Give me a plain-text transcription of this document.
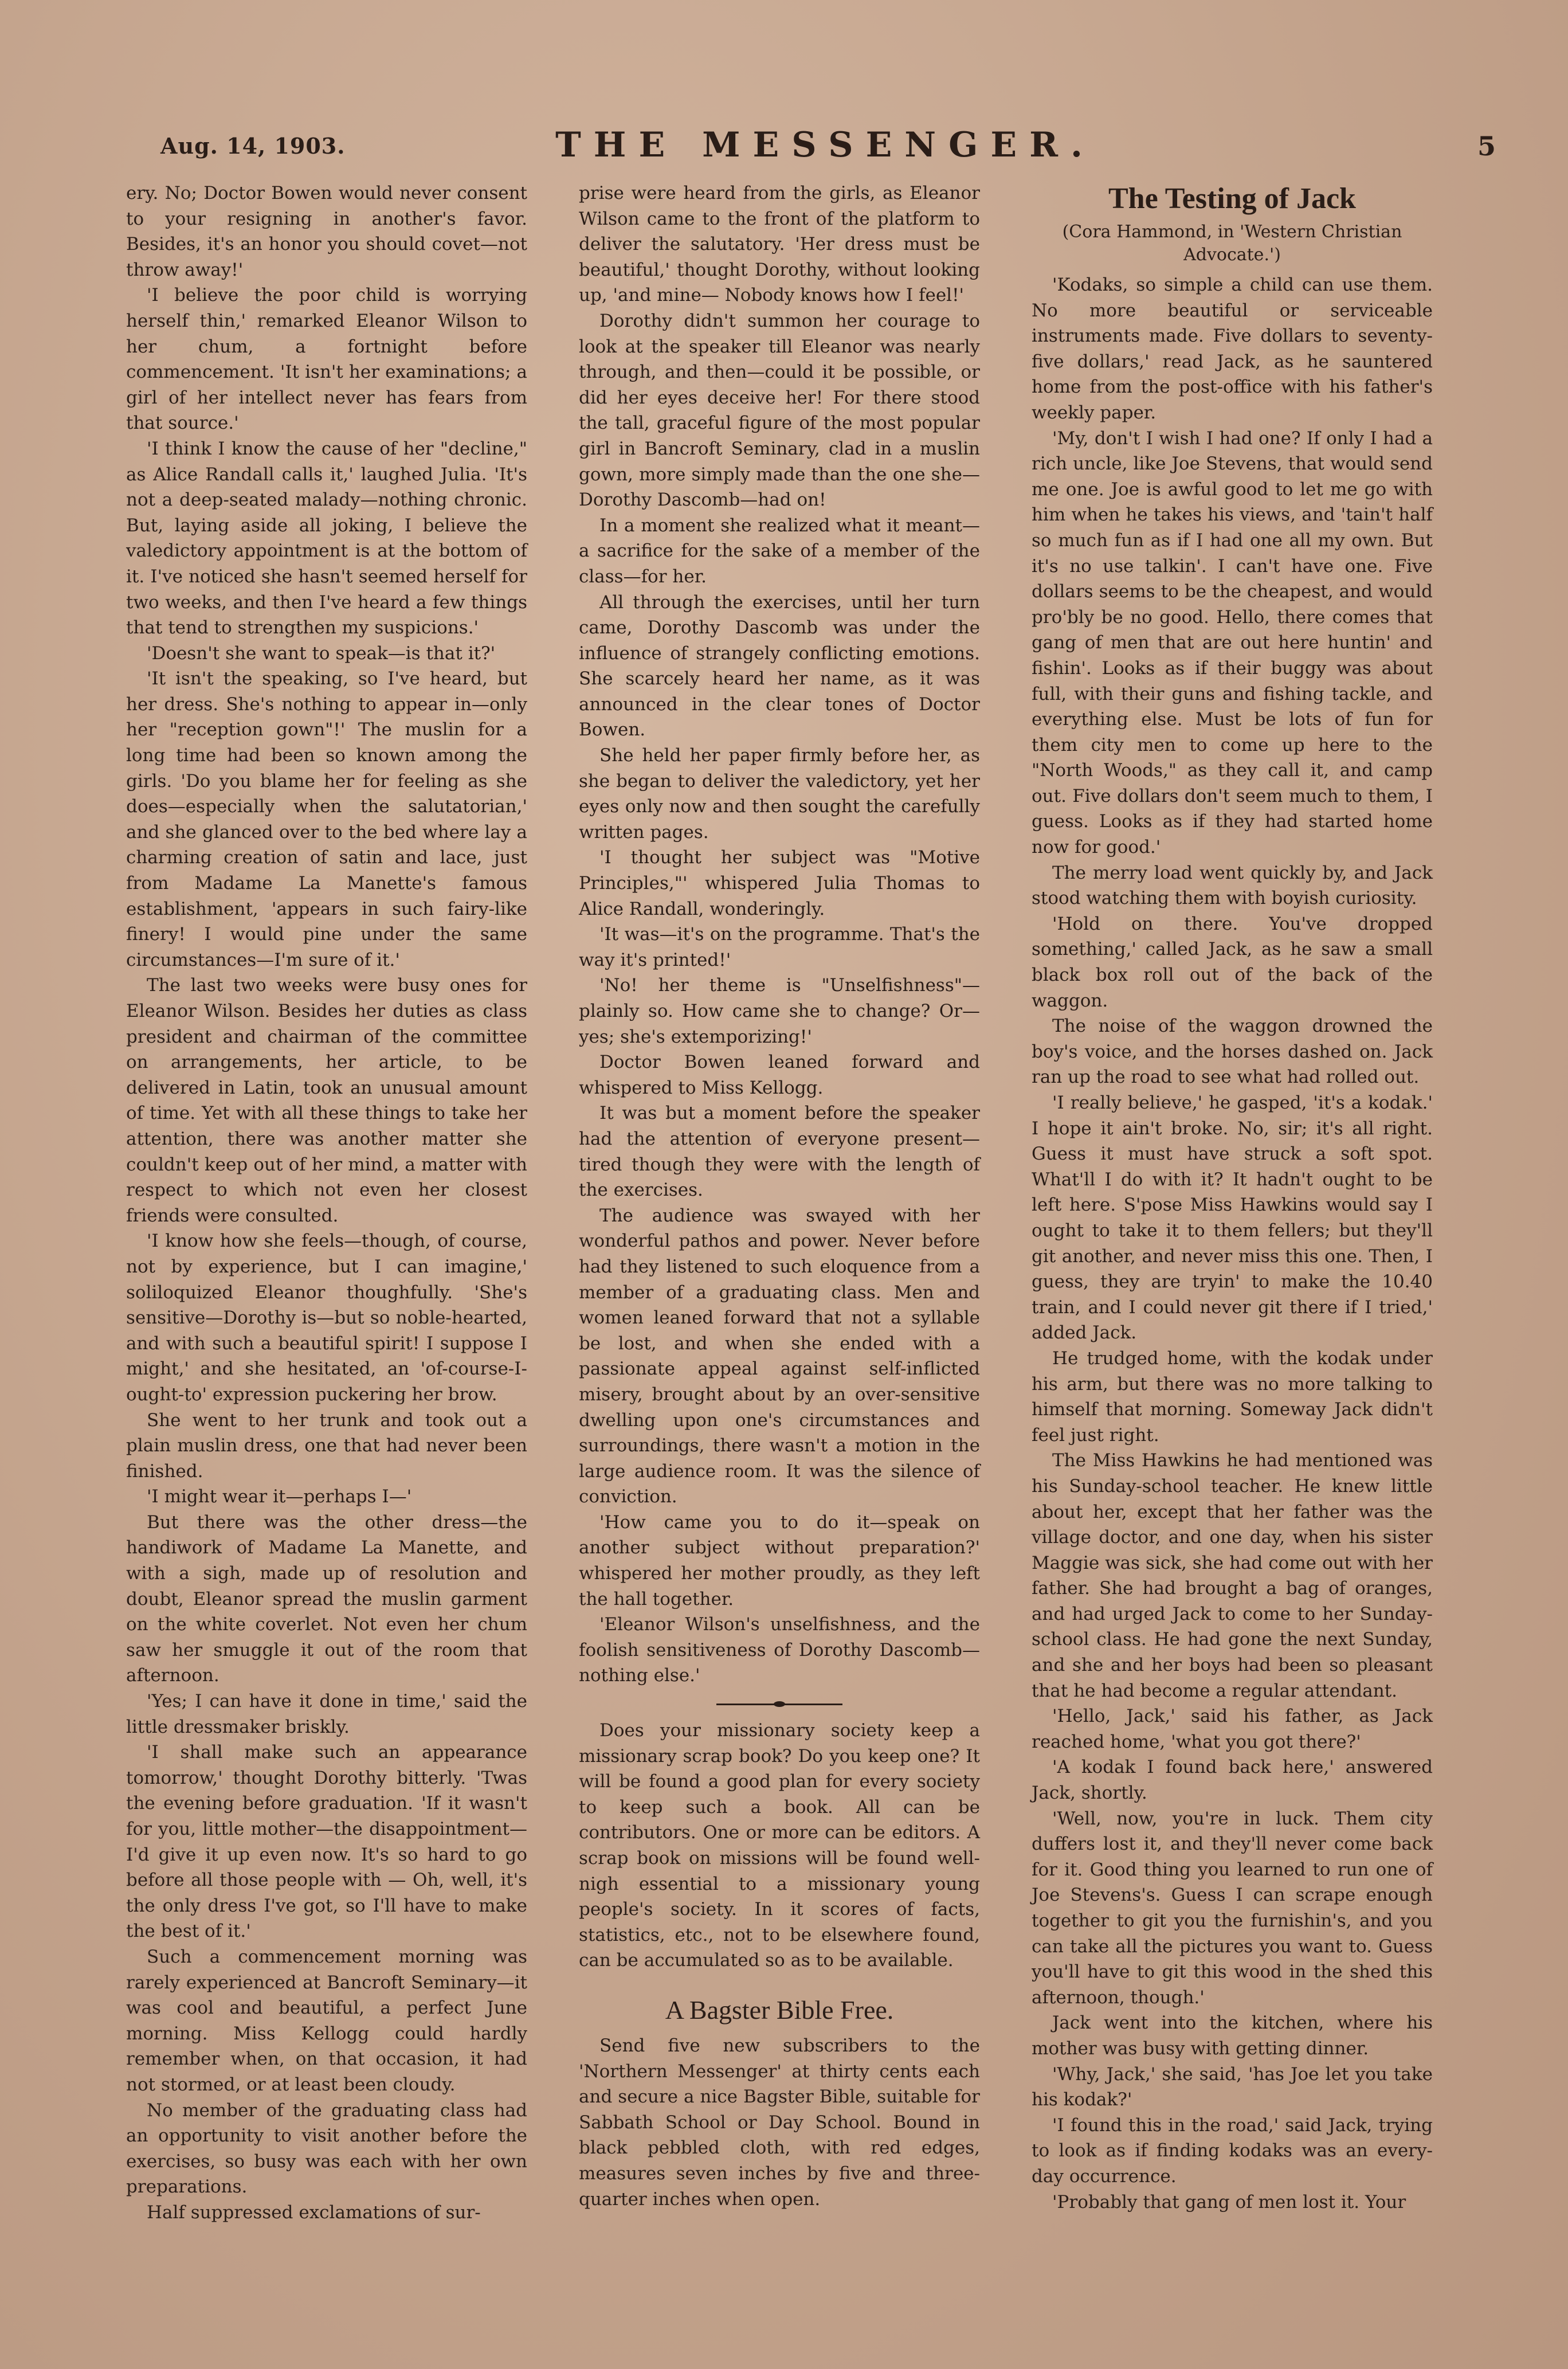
Aug. 14, 1903.	THE MESSENGER.	5

ery. No; Doctor Bowen would never consent to your resigning in another's favor. Besides, it's an honor you should covet—not throw away!'

'I believe the poor child is worrying herself thin,' remarked Eleanor Wilson to her chum, a fortnight before commencement. 'It isn't her examinations; a girl of her intellect never has fears from that source.'

'I think I know the cause of her "decline," as Alice Randall calls it,' laughed Julia. 'It's not a deep-seated malady—nothing chronic. But, laying aside all joking, I believe the valedictory appointment is at the bottom of it. I've noticed she hasn't seemed herself for two weeks, and then I've heard a few things that tend to strengthen my suspicions.'

'Doesn't she want to speak—is that it?'

'It isn't the speaking, so I've heard, but her dress. She's nothing to appear in—only her "reception gown"!' The muslin for a long time had been so known among the girls. 'Do you blame her for feeling as she does—especially when the salutatorian,' and she glanced over to the bed where lay a charming creation of satin and lace, just from Madame La Manette's famous establishment, 'appears in such fairy-like finery! I would pine under the same circumstances—I'm sure of it.'

The last two weeks were busy ones for Eleanor Wilson. Besides her duties as class president and chairman of the committee on arrangements, her article, to be delivered in Latin, took an unusual amount of time. Yet with all these things to take her attention, there was another matter she couldn't keep out of her mind, a matter with respect to which not even her closest friends were consulted.

'I know how she feels—though, of course, not by experience, but I can imagine,' soliloquized Eleanor thoughfully. 'She's sensitive—Dorothy is—but so noble-hearted, and with such a beautiful spirit! I suppose I might,' and she hesitated, an 'of-course-I-ought-to' expression puckering her brow.

She went to her trunk and took out a plain muslin dress, one that had never been finished.

'I might wear it—perhaps I—'

But there was the other dress—the handiwork of Madame La Manette, and with a sigh, made up of resolution and doubt, Eleanor spread the muslin garment on the white coverlet. Not even her chum saw her smuggle it out of the room that afternoon.

'Yes; I can have it done in time,' said the little dressmaker briskly.

'I shall make such an appearance tomorrow,' thought Dorothy bitterly. 'Twas the evening before graduation. 'If it wasn't for you, little mother—the disappointment—I'd give it up even now. It's so hard to go before all those people with — Oh, well, it's the only dress I've got, so I'll have to make the best of it.'

Such a commencement morning was rarely experienced at Bancroft Seminary—it was cool and beautiful, a perfect June morning. Miss Kellogg could hardly remember when, on that occasion, it had not stormed, or at least been cloudy.

No member of the graduating class had an opportunity to visit another before the exercises, so busy was each with her own preparations.

Half suppressed exclamations of sur-

prise were heard from the girls, as Eleanor Wilson came to the front of the platform to deliver the salutatory. 'Her dress must be beautiful,' thought Dorothy, without looking up, 'and mine— Nobody knows how I feel!'

Dorothy didn't summon her courage to look at the speaker till Eleanor was nearly through, and then—could it be possible, or did her eyes deceive her! For there stood the tall, graceful figure of the most popular girl in Bancroft Seminary, clad in a muslin gown, more simply made than the one she—Dorothy Dascomb—had on!

In a moment she realized what it meant—a sacrifice for the sake of a member of the class—for her.

All through the exercises, until her turn came, Dorothy Dascomb was under the influence of strangely conflicting emotions. She scarcely heard her name, as it was announced in the clear tones of Doctor Bowen.

She held her paper firmly before her, as she began to deliver the valedictory, yet her eyes only now and then sought the carefully written pages.

'I thought her subject was "Motive Principles,"' whispered Julia Thomas to Alice Randall, wonderingly.

'It was—it's on the programme. That's the way it's printed!'

'No! her theme is "Unselfishness"—plainly so. How came she to change? Or—yes; she's extemporizing!'

Doctor Bowen leaned forward and whispered to Miss Kellogg.

It was but a moment before the speaker had the attention of everyone present—tired though they were with the length of the exercises.

The audience was swayed with her wonderful pathos and power. Never before had they listened to such eloquence from a member of a graduating class. Men and women leaned forward that not a syllable be lost, and when she ended with a passionate appeal against self-inflicted misery, brought about by an over-sensitive dwelling upon one's circumstances and surroundings, there wasn't a motion in the large audience room. It was the silence of conviction.

'How came you to do it—speak on another subject without preparation?' whispered her mother proudly, as they left the hall together.

'Eleanor Wilson's unselfishness, and the foolish sensitiveness of Dorothy Dascomb—nothing else.'

Does your missionary society keep a missionary scrap book? Do you keep one? It will be found a good plan for every society to keep such a book. All can be contributors. One or more can be editors. A scrap book on missions will be found well-nigh essential to a missionary young people's society. In it scores of facts, statistics, etc., not to be elsewhere found, can be accumulated so as to be available.

A Bagster Bible Free.

Send five new subscribers to the 'Northern Messenger' at thirty cents each and secure a nice Bagster Bible, suitable for Sabbath School or Day School. Bound in black pebbled cloth, with red edges, measures seven inches by five and three-quarter inches when open.

The Testing of Jack
(Cora Hammond, in 'Western Christian Advocate.')

'Kodaks, so simple a child can use them. No more beautiful or serviceable instruments made. Five dollars to seventy-five dollars,' read Jack, as he sauntered home from the post-office with his father's weekly paper.

'My, don't I wish I had one? If only I had a rich uncle, like Joe Stevens, that would send me one. Joe is awful good to let me go with him when he takes his views, and 'tain't half so much fun as if I had one all my own. But it's no use talkin'. I can't have one. Five dollars seems to be the cheapest, and would pro'bly be no good. Hello, there comes that gang of men that are out here huntin' and fishin'. Looks as if their buggy was about full, with their guns and fishing tackle, and everything else. Must be lots of fun for them city men to come up here to the "North Woods," as they call it, and camp out. Five dollars don't seem much to them, I guess. Looks as if they had started home now for good.'

The merry load went quickly by, and Jack stood watching them with boyish curiosity.

'Hold on there. You've dropped something,' called Jack, as he saw a small black box roll out of the back of the waggon.

The noise of the waggon drowned the boy's voice, and the horses dashed on. Jack ran up the road to see what had rolled out.

'I really believe,' he gasped, 'it's a kodak.' I hope it ain't broke. No, sir; it's all right. Guess it must have struck a soft spot. What'll I do with it? It hadn't ought to be left here. S'pose Miss Hawkins would say I ought to take it to them fellers; but they'll git another, and never miss this one. Then, I guess, they are tryin' to make the 10.40 train, and I could never git there if I tried,' added Jack.

He trudged home, with the kodak under his arm, but there was no more talking to himself that morning. Someway Jack didn't feel just right.

The Miss Hawkins he had mentioned was his Sunday-school teacher. He knew little about her, except that her father was the village doctor, and one day, when his sister Maggie was sick, she had come out with her father. She had brought a bag of oranges, and had urged Jack to come to her Sunday-school class. He had gone the next Sunday, and she and her boys had been so pleasant that he had become a regular attendant.

'Hello, Jack,' said his father, as Jack reached home, 'what you got there?'

'A kodak I found back here,' answered Jack, shortly.

'Well, now, you're in luck. Them city duffers lost it, and they'll never come back for it. Good thing you learned to run one of Joe Stevens's. Guess I can scrape enough together to git you the furnishin's, and you can take all the pictures you want to. Guess you'll have to git this wood in the shed this afternoon, though.'

Jack went into the kitchen, where his mother was busy with getting dinner.

'Why, Jack,' she said, 'has Joe let you take his kodak?'

'I found this in the road,' said Jack, trying to look as if finding kodaks was an every-day occurrence.

'Probably that gang of men lost it. Your
